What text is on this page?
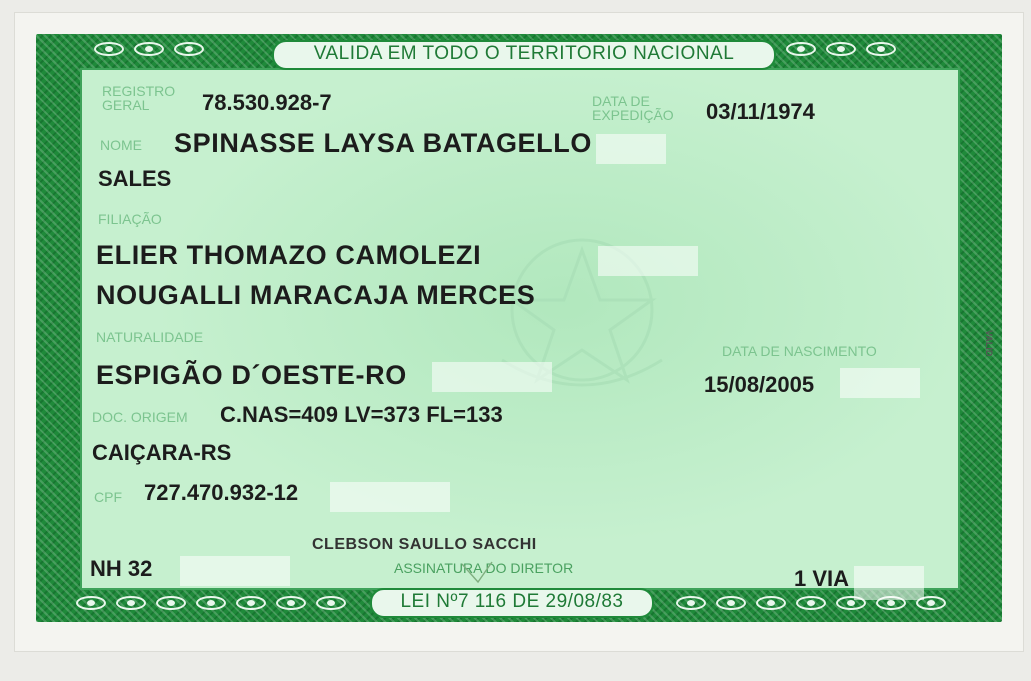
VALIDA EM TODO O TERRITORIO NACIONAL
LEI Nº7 116 DE 29/08/83
REGISTRO GERAL	78.530.928-7	DATA DE EXPEDIÇÃO	03/11/1974
NOME SPINASSE LAYSA BATAGELLO
SALES
FILIAÇÃO
ELIER THOMAZO CAMOLEZI
NOUGALLI MARACAJA MERCES
NATURALIDADE
ESPIGÃO D´OESTE-RO
DATA DE NASCIMENTO
15/08/2005
DOC. ORIGEM C.NAS=409 LV=373 FL=133
CAIÇARA-RS
CPF 727.470.932-12
CLEBSON SAULLO SACCHI
ASSINATURA DO DIRETOR
NH 32	1 VIA
VALID
